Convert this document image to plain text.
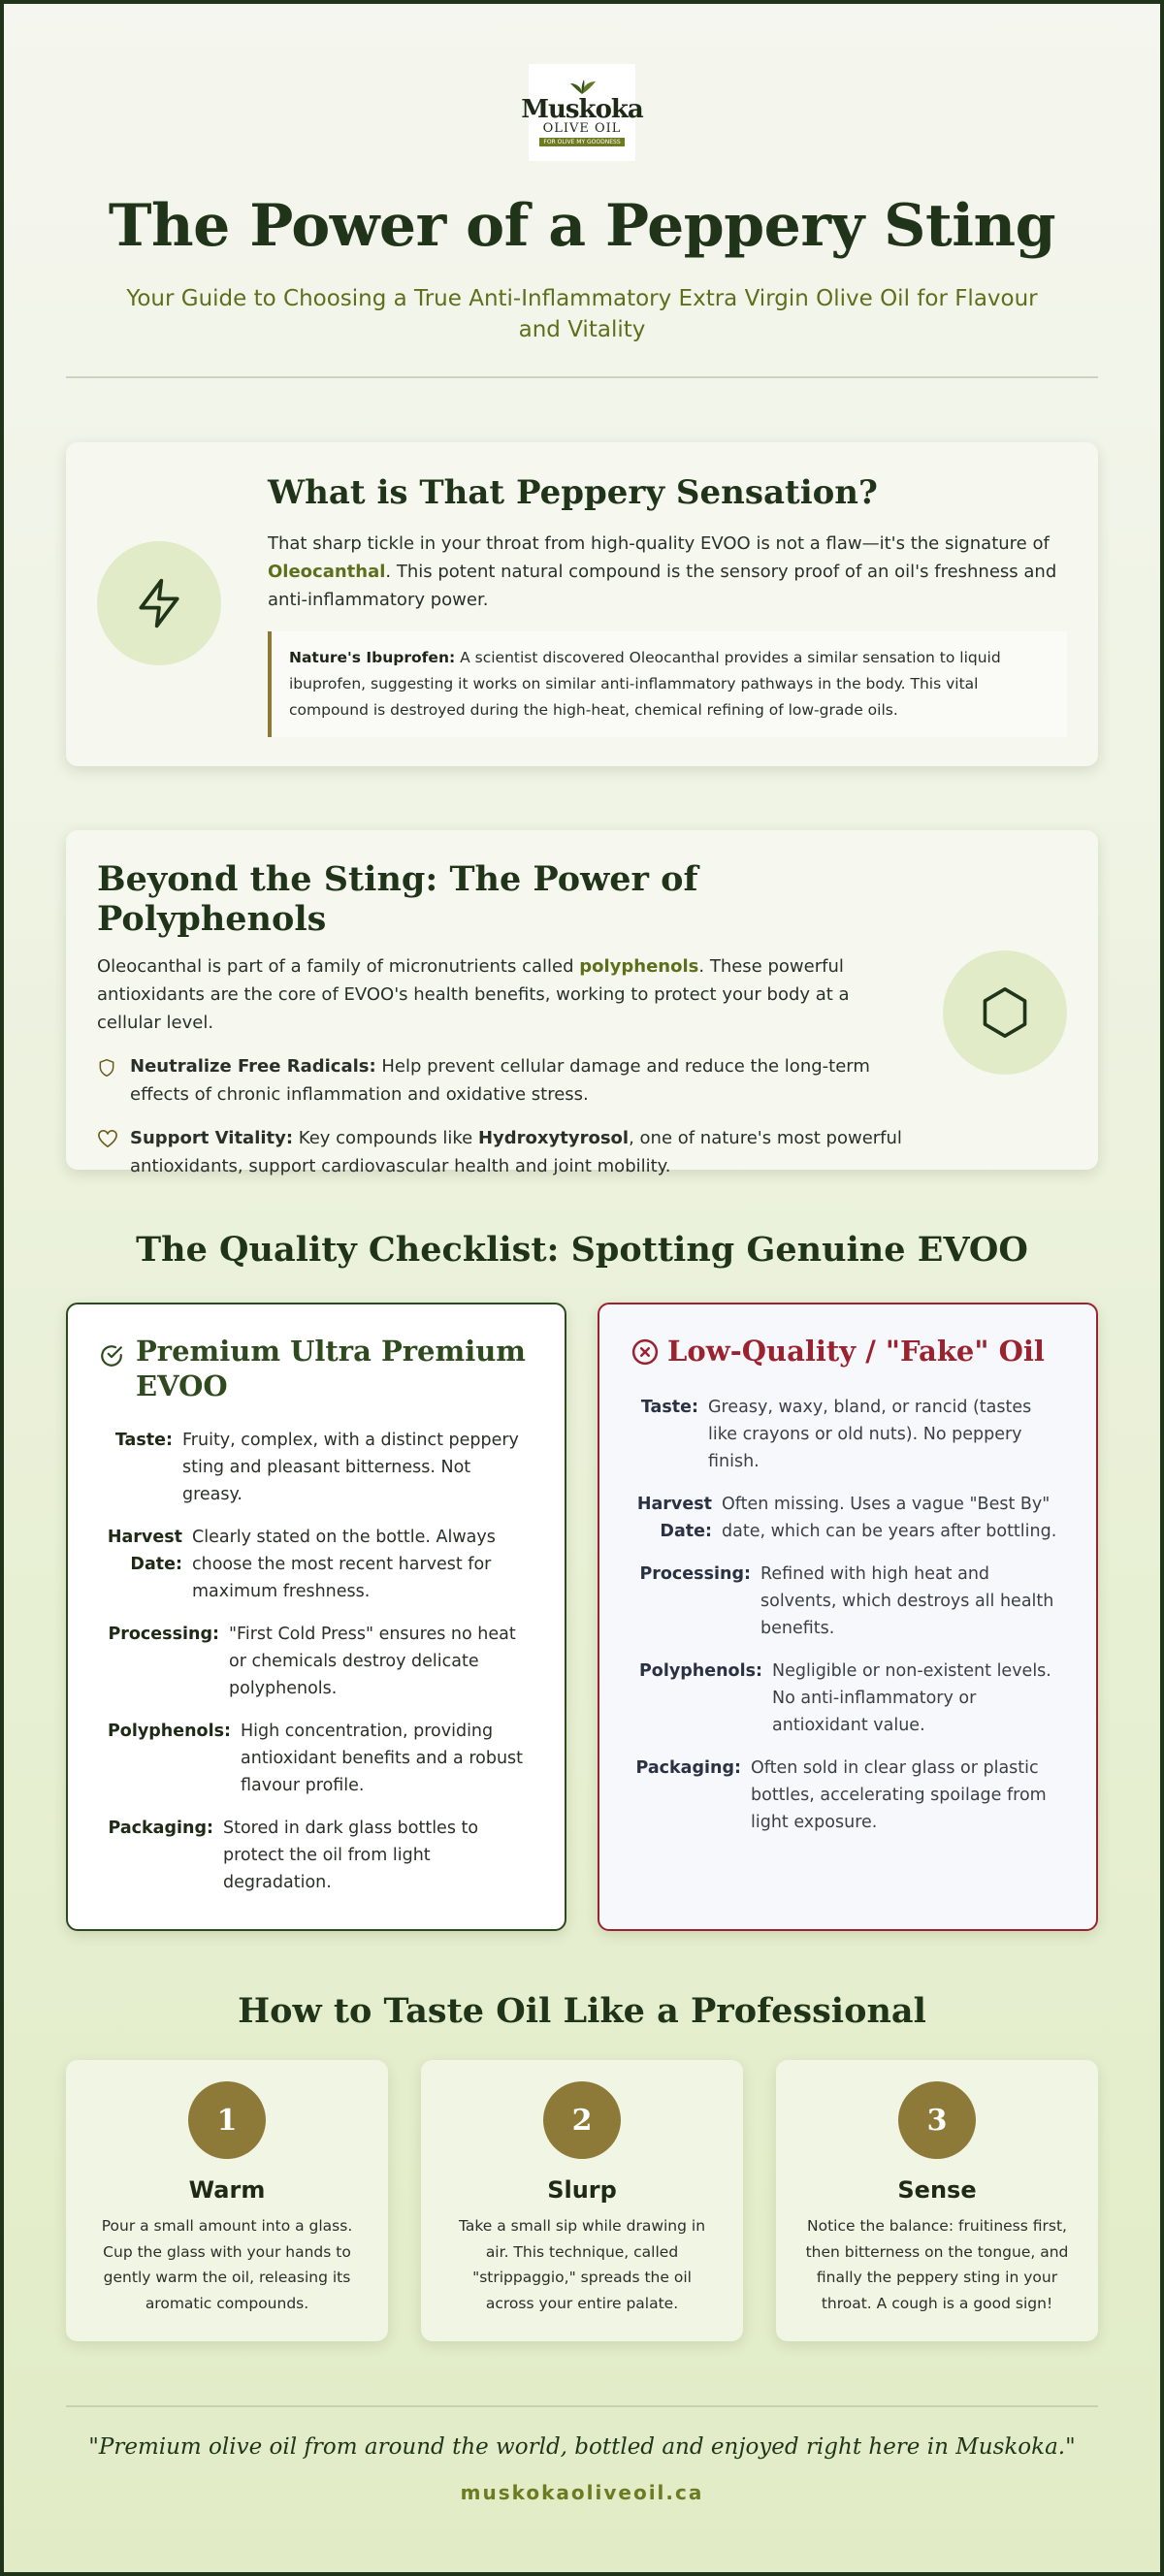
Muskoka
OLIVE OIL
FOR OLIVE MY GOODNESS
The Power of a Peppery Sting

Your Guide to Choosing a True Anti-Inflammatory Extra Virgin Olive Oil for Flavour and Vitality

What is That Peppery Sensation?

That sharp tickle in your throat from high-quality EVOO is not a flaw—it's the signature of Oleocanthal. This potent natural compound is the sensory proof of an oil's freshness and anti-inflammatory power.

Nature's Ibuprofen: A scientist discovered Oleocanthal provides a similar sensation to liquid ibuprofen, suggesting it works on similar anti-inflammatory pathways in the body. This vital compound is destroyed during the high-heat, chemical refining of low-grade oils.
Beyond the Sting: The Power of Polyphenols

Oleocanthal is part of a family of micronutrients called polyphenols. These powerful antioxidants are the core of EVOO's health benefits, working to protect your body at a cellular level.

Neutralize Free Radicals: Help prevent cellular damage and reduce the long-term effects of chronic inflammation and oxidative stress.
Support Vitality: Key compounds like Hydroxytyrosol, one of nature's most powerful antioxidants, support cardiovascular health and joint mobility.
The Quality Checklist: Spotting Genuine EVOO
Premium Ultra Premium EVOO
Taste: Fruity, complex, with a distinct peppery sting and pleasant bitterness. Not greasy.
Harvest Date:
Clearly stated on the bottle. Always choose the most recent harvest for maximum freshness.
Processing: "First Cold Press" ensures no heat or chemicals destroy delicate polyphenols.
Polyphenols: High concentration, providing antioxidant benefits and a robust flavour profile.
Packaging: Stored in dark glass bottles to protect the oil from light degradation.
Low-Quality / "Fake" Oil
Taste: Greasy, waxy, bland, or rancid (tastes like crayons or old nuts). No peppery finish.
Harvest Date:
Often missing. Uses a vague "Best By" date, which can be years after bottling.
Processing: Refined with high heat and solvents, which destroys all health benefits.
Polyphenols: Negligible or non-existent levels. No anti-inflammatory or antioxidant value.
Packaging: Often sold in clear glass or plastic bottles, accelerating spoilage from light exposure.
How to Taste Oil Like a Professional
1
Warm

Pour a small amount into a glass. Cup the glass with your hands to gently warm the oil, releasing its aromatic compounds.

2
Slurp

Take a small sip while drawing in air. This technique, called "strippaggio," spreads the oil across your entire palate.

3
Sense

Notice the balance: fruitiness first, then bitterness on the tongue, and finally the peppery sting in your throat. A cough is a good sign!

"Premium olive oil from around the world, bottled and enjoyed right here in Muskoka."

muskokaoliveoil.ca
